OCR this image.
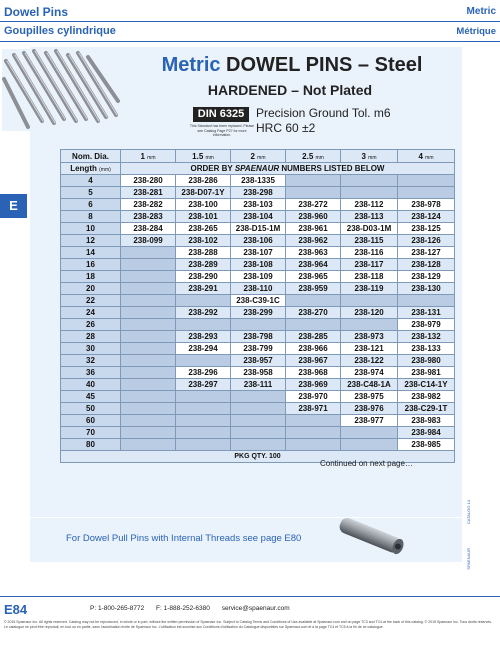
Dowel Pins	Metric
Goupilles cylindrique	Métrique
Metric DOWEL PINS – Steel
HARDENED – Not Plated
DIN 6325
This Standard has been replaced. Please see Catalog Page P27 for more information.
Precision Ground Tol. m6
HRC 60 ±2
E
Nom. Dia.	1 mm	1.5 mm	2 mm	2.5 mm	3 mm	4 mm
Length (mm)	ORDER BY SPAENAUR NUMBERS LISTED BELOW					
4	238-280	238-286	238-1335			
5	238-281	238-D07-1Y	238-298			
6	238-282	238-100	238-103	238-272	238-112	238-978
8	238-283	238-101	238-104	238-960	238-113	238-124
10	238-284	238-265	238-D15-1M	238-961	238-D03-1M	238-125
12	238-099	238-102	238-106	238-962	238-115	238-126
14		238-288	238-107	238-963	238-116	238-127
16		238-289	238-108	238-964	238-117	238-128
18		238-290	238-109	238-965	238-118	238-129
20		238-291	238-110	238-959	238-119	238-130
22			238-C39-1C			
24		238-292	238-299	238-270	238-120	238-131
26						238-979
28		238-293	238-798	238-285	238-973	238-132
30		238-294	238-799	238-966	238-121	238-133
32			238-957	238-967	238-122	238-980
36		238-296	238-958	238-968	238-974	238-981
40		238-297	238-111	238-969	238-C48-1A	238-C14-1Y
45				238-970	238-975	238-982
50				238-971	238-976	238-C29-1T
60					238-977	238-983
70						238-984
80						238-985
PKG QTY. 100						
Continued on next page…
For Dowel Pull Pins with Internal Threads see page E80
CATALOG 14
SPAENAUR
E84	P: 1-800-265-8772 F: 1-888-252-6380 service@spaenaur.com
© 2015 Spaenaur Inc. All rights reserved. Catalog may not be reproduced, in whole or in part, without the written permission of Spaenaur Inc. Subject to Catalog Terms and Conditions of Use available at Spaenaur.com and on page TC3 and TC4 at the back of this catalog. © 2015 Spaenaur Inc. Tous droits réservés. Le catalogue ne peut être reproduit, en tout ou en partie, sans l'autorisation écrite de Spaenaur Inc. L'utilisation est soumise aux Conditions d'utilisation du Catalogue disponibles sur Spaenaur.com et à la page TC4 et TC5 à la fin de ce catalogue.
